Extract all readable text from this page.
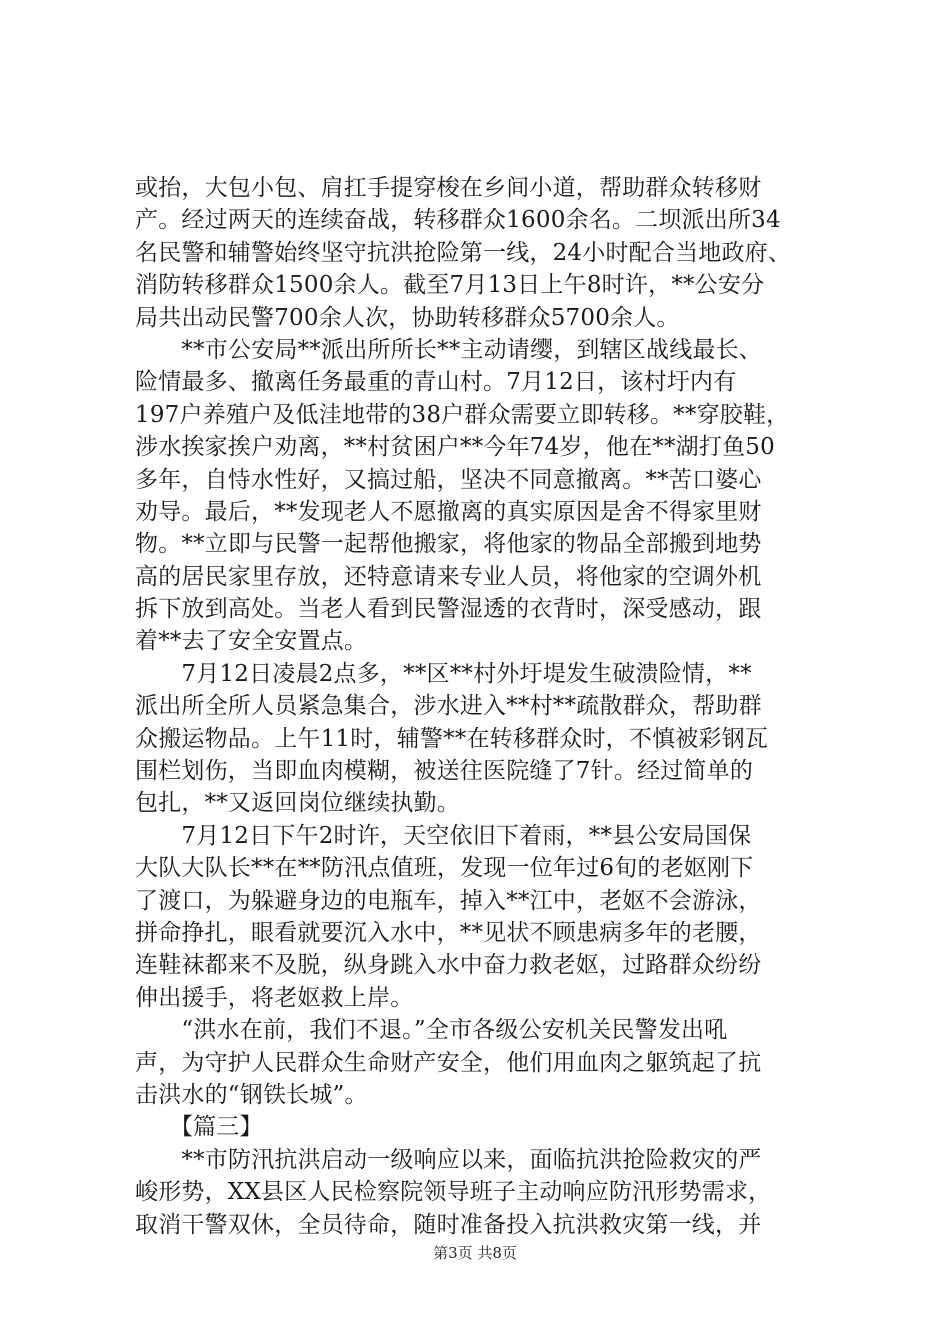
或抬，大包小包、肩扛手提穿梭在乡间小道，帮助群众转移财
产。经过两天的连续奋战，转移群众1600余名。二坝派出所34
名民警和辅警始终坚守抗洪抢险第一线，24小时配合当地政府、
消防转移群众1500余人。截至7月13日上午8时许，**公安分
局共出动民警700余人次，协助转移群众5700余人。
　　**市公安局**派出所所长**主动请缨，到辖区战线最长、
险情最多、撤离任务最重的青山村。7月12日，该村圩内有
197户养殖户及低洼地带的38户群众需要立即转移。**穿胶鞋，
涉水挨家挨户劝离，**村贫困户**今年74岁，他在**湖打鱼50
多年，自恃水性好，又搞过船，坚决不同意撤离。**苦口婆心
劝导。最后，**发现老人不愿撤离的真实原因是舍不得家里财
物。**立即与民警一起帮他搬家，将他家的物品全部搬到地势
高的居民家里存放，还特意请来专业人员，将他家的空调外机
拆下放到高处。当老人看到民警湿透的衣背时，深受感动，跟
着**去了安全安置点。
　　7月12日凌晨2点多，**区**村外圩堤发生破溃险情，**
派出所全所人员紧急集合，涉水进入**村**疏散群众，帮助群
众搬运物品。上午11时，辅警**在转移群众时，不慎被彩钢瓦
围栏划伤，当即血肉模糊，被送往医院缝了7针。经过简单的
包扎，**又返回岗位继续执勤。
　　7月12日下午2时许，天空依旧下着雨，**县公安局国保
大队大队长**在**防汛点值班，发现一位年过6旬的老妪刚下
了渡口，为躲避身边的电瓶车，掉入**江中，老妪不会游泳，
拼命挣扎，眼看就要沉入水中，**见状不顾患病多年的老腰，
连鞋袜都来不及脱，纵身跳入水中奋力救老妪，过路群众纷纷
伸出援手，将老妪救上岸。
　　“洪水在前，我们不退。”全市各级公安机关民警发出吼
声，为守护人民群众生命财产安全，他们用血肉之躯筑起了抗
击洪水的“钢铁长城”。
　　【篇三】
　　**市防汛抗洪启动一级响应以来，面临抗洪抢险救灾的严
峻形势，XX县区人民检察院领导班子主动响应防汛形势需求，
取消干警双休，全员待命，随时准备投入抗洪救灾第一线，并
第3页 共8页
